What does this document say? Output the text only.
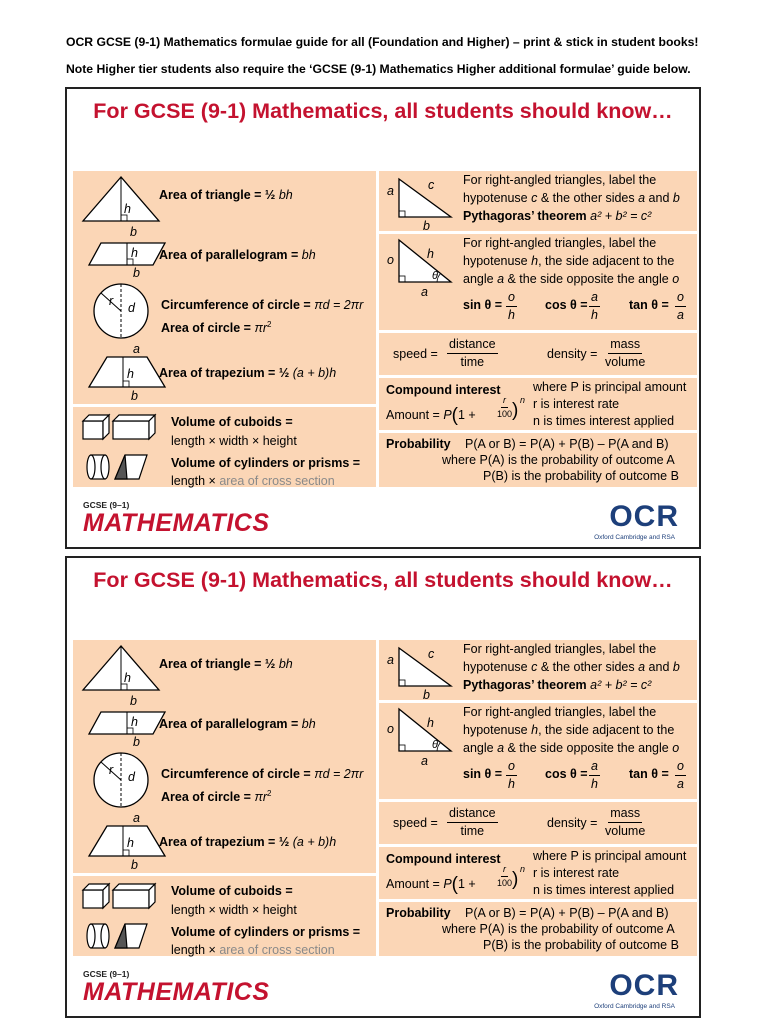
OCR GCSE (9-1) Mathematics formulae guide for all (Foundation and Higher) – print & stick in student books!
Note Higher tier students also require the ‘GCSE (9-1) Mathematics Higher additional formulae’ guide below.
For GCSE (9-1) Mathematics, all students should know…
h
b
Area of triangle = ½ bh
h
b
Area of parallelogram = bh
r d Circumference of circle = πd = 2πr
Area of circle = $\pi r^2$
a
h
b
Area of trapezium = ½ (a + b)h
Volume of cuboids =
length × width × height
Volume of cylinders or prisms =
length × area of cross section
a
b
c For right-angled triangles, label the
hypotenuse c & the other sides a and b
Pythagoras’ theorem a² + b² = c²
o	h
a
θ
For right-angled triangles, label the
hypotenuse h, the side adjacent to the
angle a & the side opposite the angle o
$\sin \theta = \frac{o}{h}$ $\cos \theta = \frac{a}{h}$ $\tan \theta = \frac{o}{a}$
speed =
distance
time
density =
mass
volume
Compound interest
Amount = $P(1 + \frac{r}{100}$ ) n
where P is principal amount
r is interest rate
n is times interest applied
Probability P(A or B) = P(A) + P(B) – P(A and B)
where P(A) is the probability of outcome A
P(B) is the probability of outcome B
GCSE (9–1)
MATHEMATICS	OCR
Oxford Cambridge and RSA
For GCSE (9-1) Mathematics, all students should know…
h
b
Area of triangle = ½ bh
h
b
Area of parallelogram = bh
r d Circumference of circle = πd = 2πr
Area of circle = $\pi r^2$
a
h
b
Area of trapezium = ½ (a + b)h
Volume of cuboids =
length × width × height
Volume of cylinders or prisms =
length × area of cross section
a
b
c For right-angled triangles, label the
hypotenuse c & the other sides a and b
Pythagoras’ theorem a² + b² = c²
o	h
a
θ
For right-angled triangles, label the
hypotenuse h, the side adjacent to the
angle a & the side opposite the angle o
$\sin \theta = \frac{o}{h}$ $\cos \theta = \frac{a}{h}$ $\tan \theta = \frac{o}{a}$
speed =
distance
time
density =
mass
volume
Compound interest
Amount = $P(1 + \frac{r}{100}$ ) n
where P is principal amount
r is interest rate
n is times interest applied
Probability P(A or B) = P(A) + P(B) – P(A and B)
where P(A) is the probability of outcome A
P(B) is the probability of outcome B
GCSE (9–1)
MATHEMATICS	OCR
Oxford Cambridge and RSA
